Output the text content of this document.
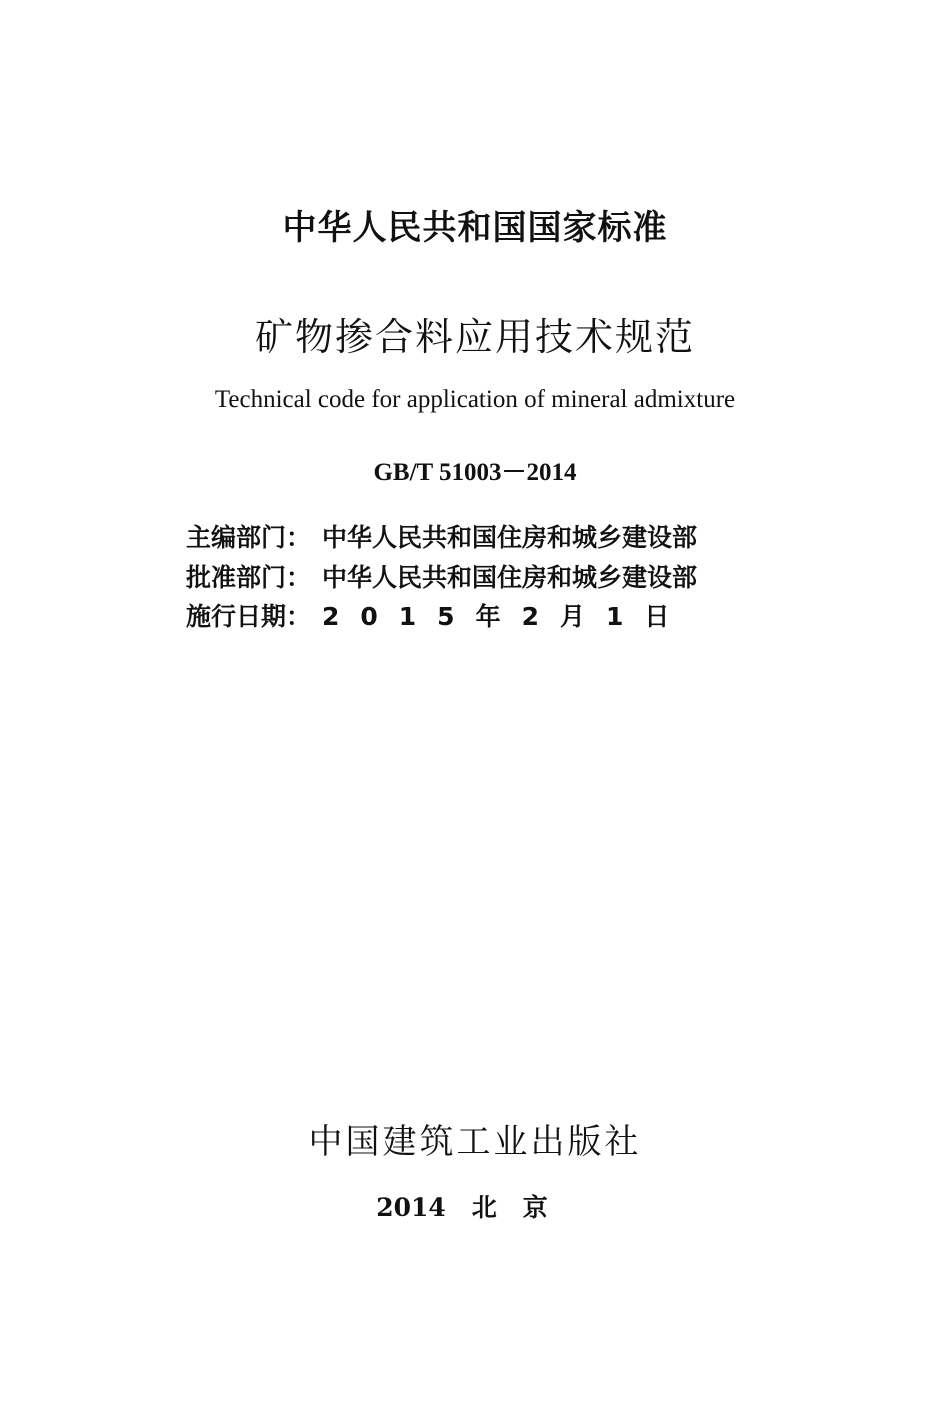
中华人民共和国国家标准
矿物掺合料应用技术规范
Technical code for application of mineral admixture
GB/T 51003－2014
主编部门： 中华人民共和国住房和城乡建设部
批准部门： 中华人民共和国住房和城乡建设部
施行日期： 2015年2月1日
中国建筑工业出版社
2014 北京
